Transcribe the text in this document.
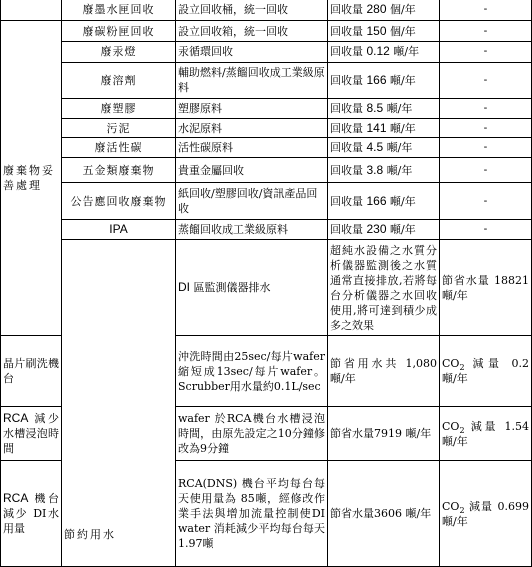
	廢墨水匣回收	設立回收桶，統一回收	回收量 280 個/年	-	
廢棄物妥善處理	廢碳粉匣回收	設立回收箱，統一回收	回收量 150 個/年	-	
	廢汞燈	汞循環回收	回收量 0.12 噸/年	-	
	廢溶劑	輔助燃料/蒸餾回收成工業級原料	回收量 166 噸/年	-	
	廢塑膠	塑膠原料	回收量 8.5 噸/年	-	
	污泥	水泥原料	回收量 141 噸/年	-	
	廢活性碳	活性碳原料	回收量 4.5 噸/年	-	
	五金類廢棄物	貴重金屬回收	回收量 3.8 噸/年	-	
	公告應回收廢棄物	紙回收/塑膠回收/資訊產品回收	回收量 166 噸/年	-	
	IPA	蒸餾回收成工業級原料	回收量 230 噸/年	-	
	節約用水	DI 區監測儀器排水	超純水設備之水質分析儀器監測後之水質通常直接排放,若將每台分析儀器之水回收使用,將可達到積少成多之效果	節省水量 18821 噸/年	
晶片刷洗機台		沖洗時間由25sec/每片wafer縮短成13sec/每片wafer。Scrubber用水量約0.1L/sec	節省用水共 1,080 噸/年	$CO_2$ 減量 0.2 噸/年	
RCA 減少水槽浸泡時間		wafer 於RCA機台水槽浸泡時間，由原先設定之10分鐘修改為9分鐘	節省水量7919 噸/年	$CO_2$ 減量 1.54 噸/年	
RCA 機台減少 DI水用量		RCA(DNS) 機台平均每台每天使用量為 85噸，經修改作業手法與增加流量控制使DI water 消耗減少平均每台每天1.97噸	節省水量3606 噸/年	$CO_2$ 減量 0.699 噸/年	
